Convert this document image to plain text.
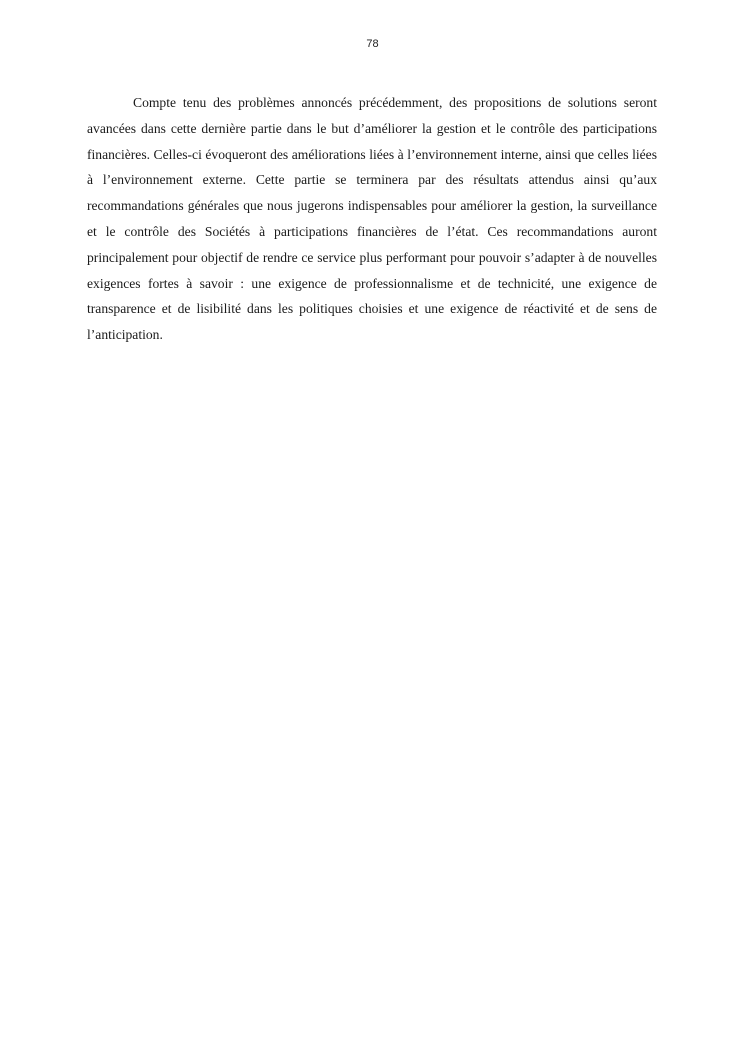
78

Compte tenu des problèmes annoncés précédemment, des propositions de solutions seront avancées dans cette dernière partie dans le but d’améliorer la gestion et le contrôle des participations financières. Celles-ci évoqueront des améliorations liées à l’environnement interne, ainsi que celles liées à l’environnement externe. Cette partie se terminera par des résultats attendus ainsi qu’aux recommandations générales que nous jugerons indispensables pour améliorer la gestion, la surveillance et le contrôle des Sociétés à participations financières de l’état. Ces recommandations auront principalement pour objectif de rendre ce service plus performant pour pouvoir s’adapter à de nouvelles exigences fortes à savoir : une exigence de professionnalisme et de technicité, une exigence de transparence et de lisibilité dans les politiques choisies et une exigence de réactivité et de sens de l’anticipation.
